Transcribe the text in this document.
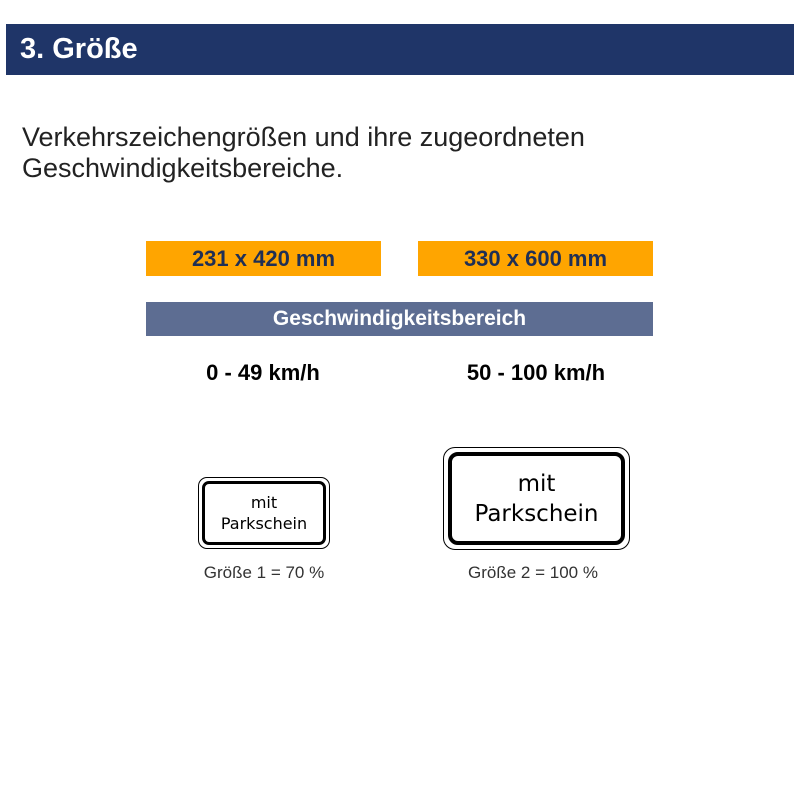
3. Größe
Verkehrszeichengrößen und ihre zugeordneten Geschwindigkeitsbereiche.
231 x 420 mm	330 x 600 mm
Geschwindigkeitsbereich
0 - 49 km/h	50 - 100 km/h
mit
Parkschein
mit
Parkschein
Größe 1 = 70 %	Größe 2 = 100 %
